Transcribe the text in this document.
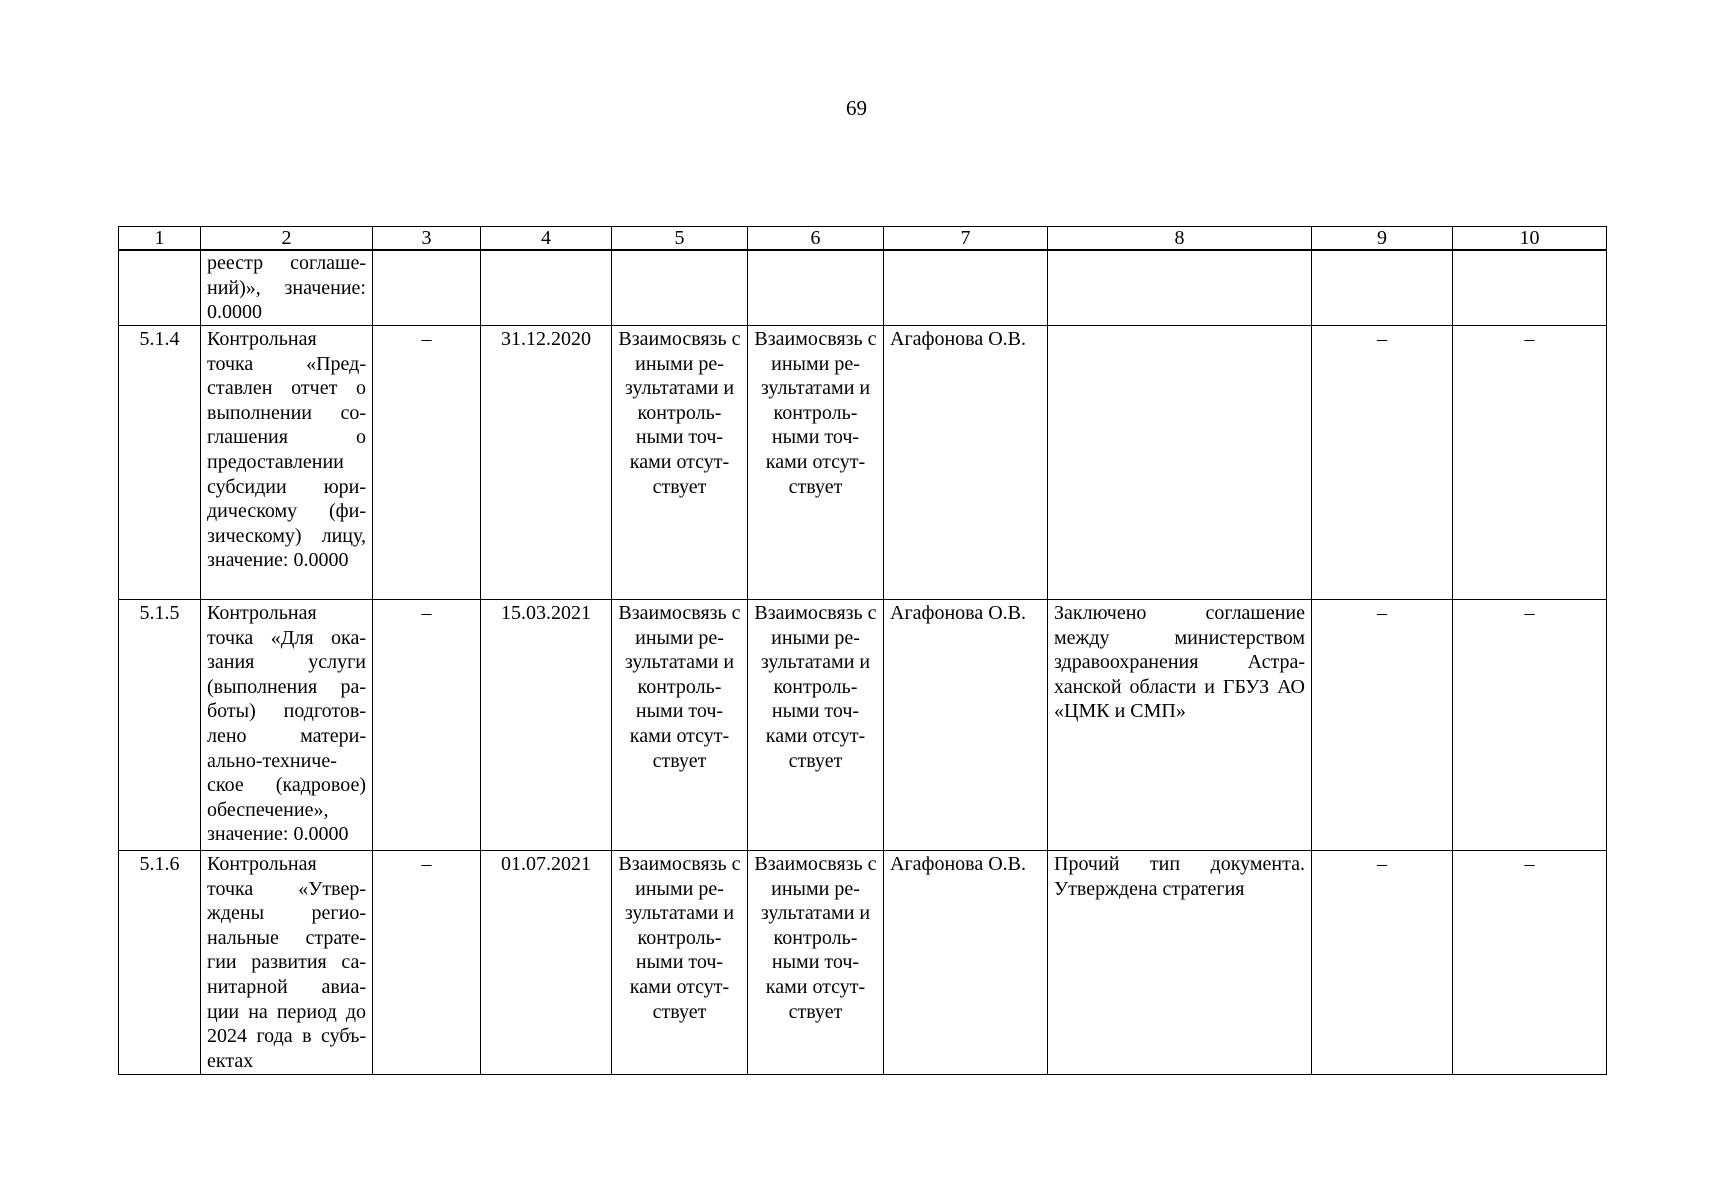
69
1	2	3	4	5	6	7	8	9	10
	реестр соглаше-ний)», значение: 0.0000								
5.1.4	Контрольная точка «Пред-ставлен отчет о выполнении со-глашения о предоставлении субсидии юри-дическому (фи-зическому) лицу, значение: 0.0000	–	31.12.2020	Взаимосвязь с иными ре-зультатами и контроль-ными точ-ками отсут-ствует	Взаимосвязь с иными ре-зультатами и контроль-ными точ-ками отсут-ствует	Агафонова О.В.		–	–
5.1.5	Контрольная точка «Для ока-зания услуги (выполнения ра-боты) подготов-лено матери-ально-техниче-ское (кадровое) обеспечение», значение: 0.0000	–	15.03.2021	Взаимосвязь с иными ре-зультатами и контроль-ными точ-ками отсут-ствует	Взаимосвязь с иными ре-зультатами и контроль-ными точ-ками отсут-ствует	Агафонова О.В.	Заключено соглашение между министерством здравоохранения Астра-ханской области и ГБУЗ АО «ЦМК и СМП»	–	–
5.1.6	Контрольная точка «Утвер-ждены регио-нальные страте-гии развития са-нитарной авиа-ции на период до 2024 года в субъ-ектах	–	01.07.2021	Взаимосвязь с иными ре-зультатами и контроль-ными точ-ками отсут-ствует	Взаимосвязь с иными ре-зультатами и контроль-ными точ-ками отсут-ствует	Агафонова О.В.	Прочий тип документа. Утверждена стратегия	–	–
